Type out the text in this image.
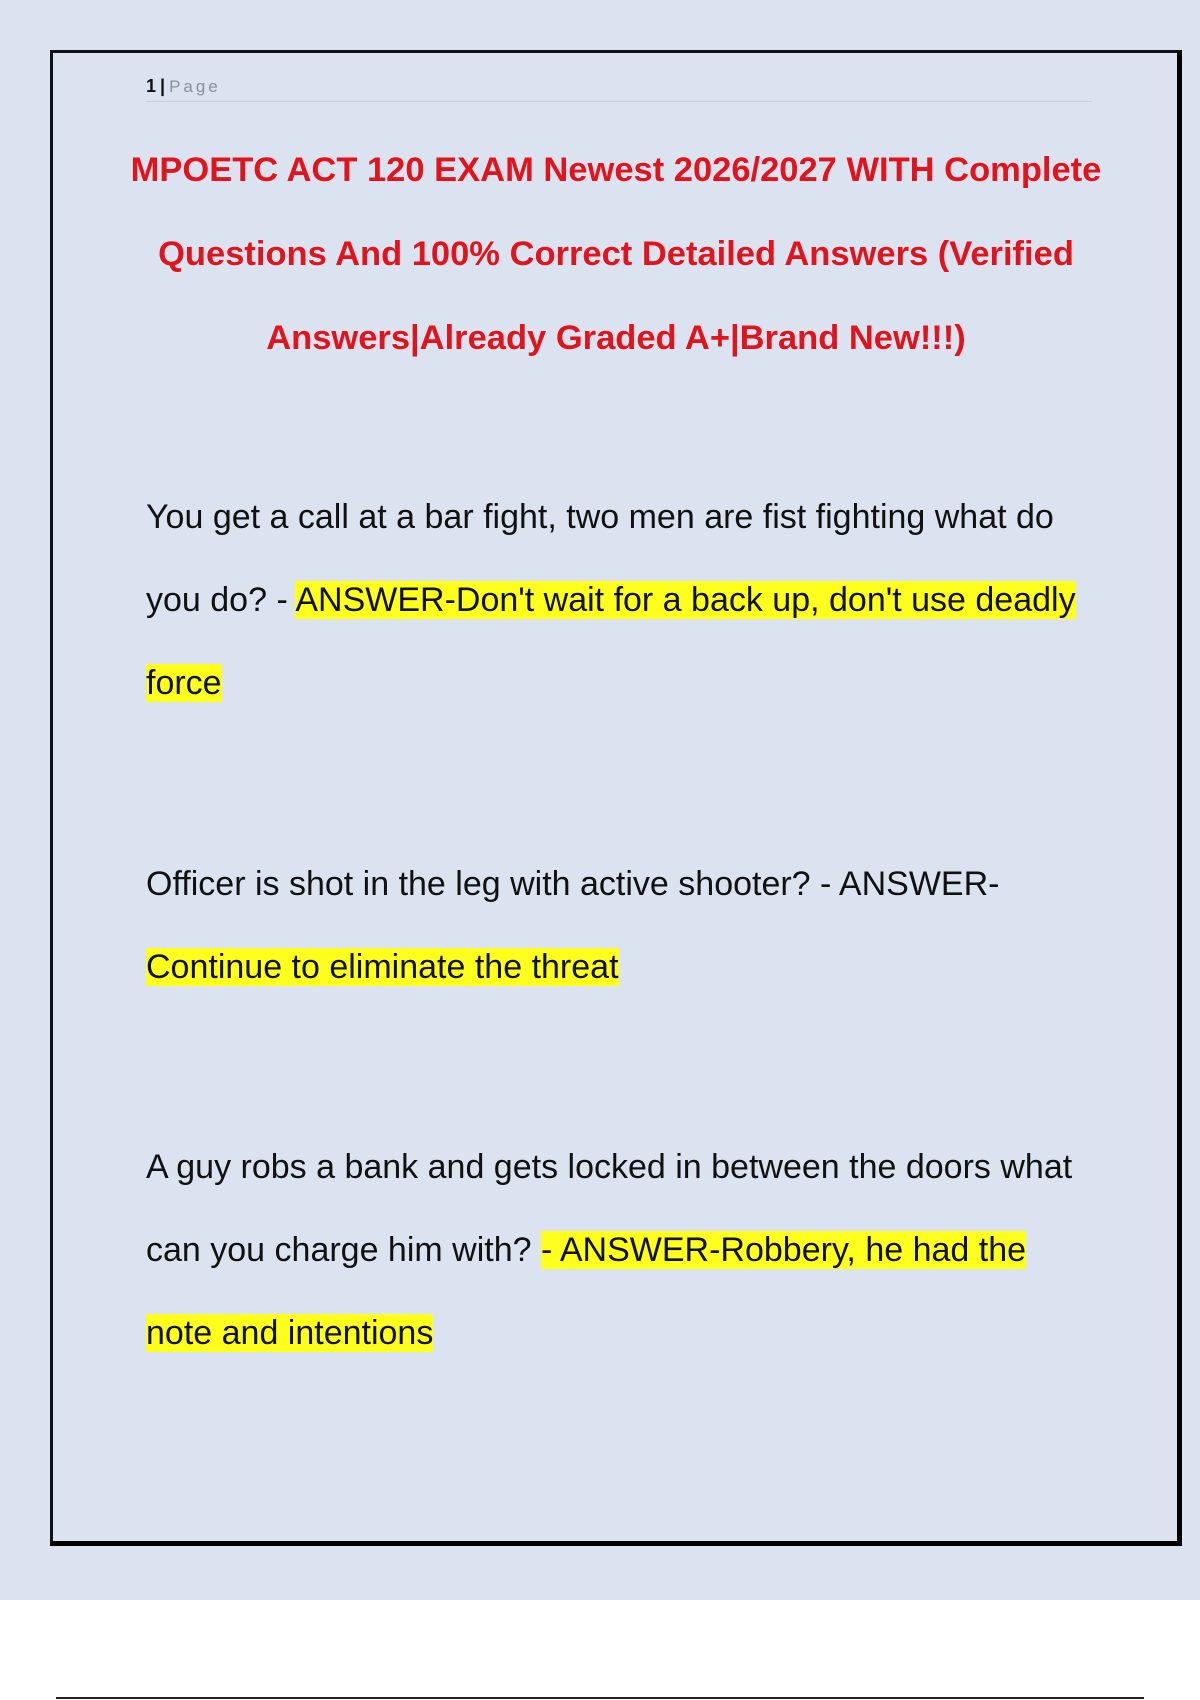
1 | Page
MPOETC ACT 120 EXAM Newest 2026/2027 WITH Complete Questions And 100% Correct Detailed Answers (Verified Answers|Already Graded A+|Brand New!!!)

You get a call at a bar fight, two men are fist fighting what do you do? - ANSWER-Don't wait for a back up, don't use deadly force

Officer is shot in the leg with active shooter? - ANSWER-Continue to eliminate the threat

A guy robs a bank and gets locked in between the doors what can you charge him with? - ANSWER-Robbery, he had the note and intentions
